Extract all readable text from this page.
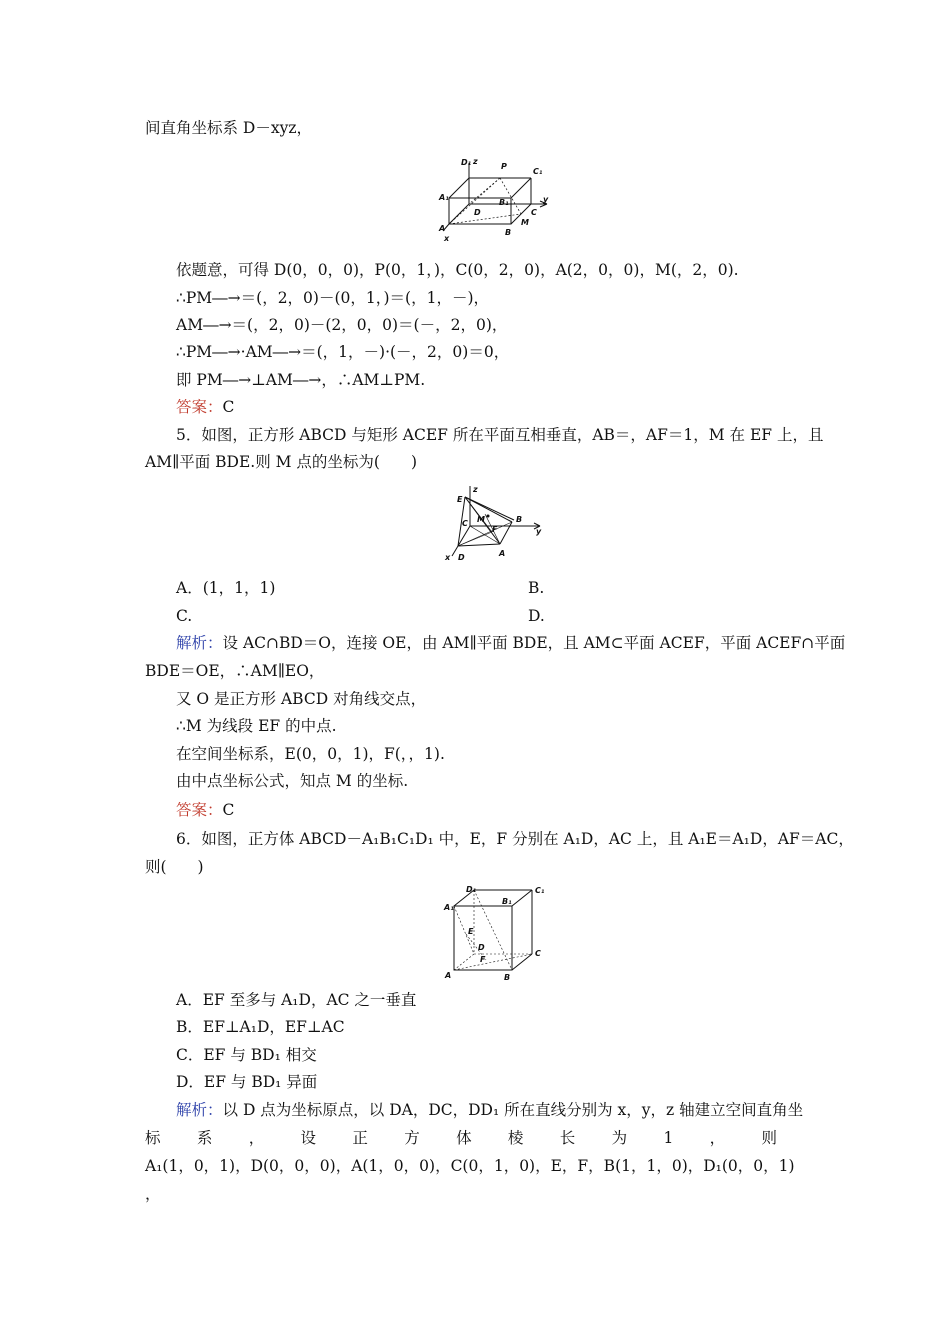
间直角坐标系 D－xyz，
D₁ z
P
C₁
A₁
B₁
D
y
C
A
M
B
x
依题意，可得 D(0，0，0)，P(0，1，)，C(0，2，0)，A(2，0，0)，M(，2，0).
∴PM―→＝(，2，0)－(0，1，)＝(，1，－)，
AM―→＝(，2，0)－(2，0，0)＝(－，2，0)，
∴PM―→·AM―→＝(，1，－)·(－，2，0)＝0，
即 PM―→⊥AM―→，∴AM⊥PM.
答案：C
5．如图，正方形 ABCD 与矩形 ACEF 所在平面互相垂直，AB＝，AF＝1，M 在 EF 上，且
AM∥平面 BDE.则 M 点的坐标为(　　)
z
E
C M	B
F	y
x D	A
A．(1，1，1)	B.
C.	D.
解析：设 AC∩BD＝O，连接 OE，由 AM∥平面 BDE，且 AM⊂平面 ACEF，平面 ACEF∩平面
BDE＝OE，∴AM∥EO，
又 O 是正方形 ABCD 对角线交点，
∴M 为线段 EF 的中点.
在空间坐标系，E(0，0，1)，F(，，1).
由中点坐标公式，知点 M 的坐标.
答案：C
6．如图，正方体 ABCD－A₁B₁C₁D₁ 中，E，F 分别在 A₁D，AC 上，且 A₁E＝A₁D，AF＝AC，
则(　　)
D₁	C₁
A₁
B₁
E
D
F
C
A	B
A．EF 至多与 A₁D，AC 之一垂直
B．EF⊥A₁D，EF⊥AC
C．EF 与 BD₁ 相交
D．EF 与 BD₁ 异面
解析：以 D 点为坐标原点，以 DA，DC，DD₁ 所在直线分别为 x，y，z 轴建立空间直角坐
标系，设正方体棱长为1，则
A₁(1，0，1)，D(0，0，0)，A(1，0，0)，C(0，1，0)，E，F，B(1，1，0)，D₁(0，0，1)
，
